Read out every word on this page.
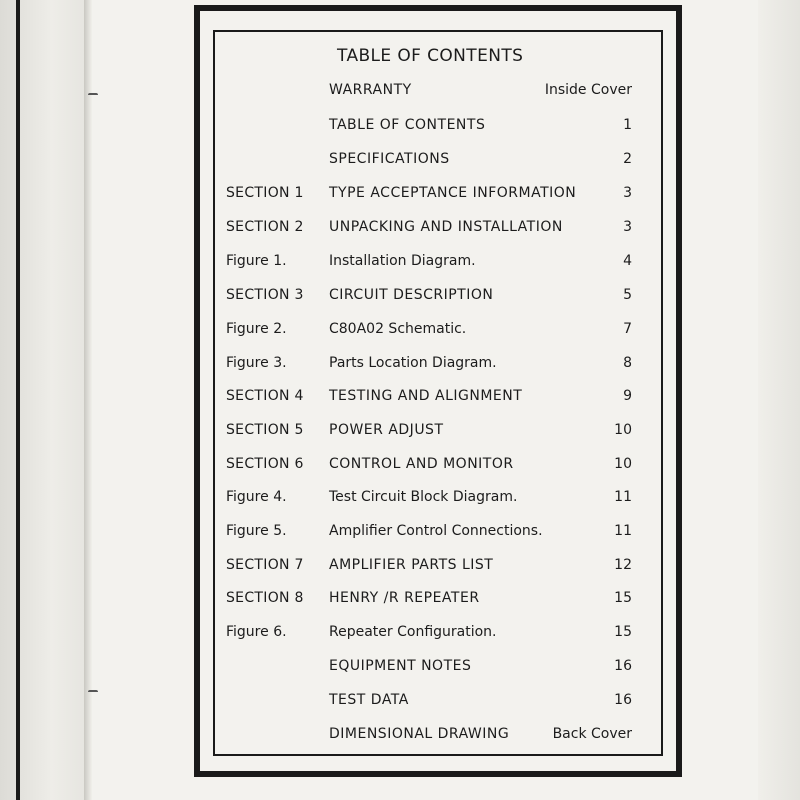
TABLE OF CONTENTS
WARRANTY	Inside Cover
TABLE OF CONTENTS	1
SPECIFICATIONS	2
SECTION 1 TYPE ACCEPTANCE INFORMATION	3
SECTION 2 UNPACKING AND INSTALLATION	3
Figure 1.	Installation Diagram.	4
SECTION 3 CIRCUIT DESCRIPTION	5
Figure 2.	C80A02 Schematic.	7
Figure 3.	Parts Location Diagram.	8
SECTION 4 TESTING AND ALIGNMENT	9
SECTION 5 POWER ADJUST	10
SECTION 6 CONTROL AND MONITOR	10
Figure 4.	Test Circuit Block Diagram.	11
Figure 5.	Amplifier Control Connections.	11
SECTION 7 AMPLIFIER PARTS LIST	12
SECTION 8 HENRY /R REPEATER	15
Figure 6.	Repeater Configuration.	15
EQUIPMENT NOTES	16
TEST DATA	16
DIMENSIONAL DRAWING	Back Cover
